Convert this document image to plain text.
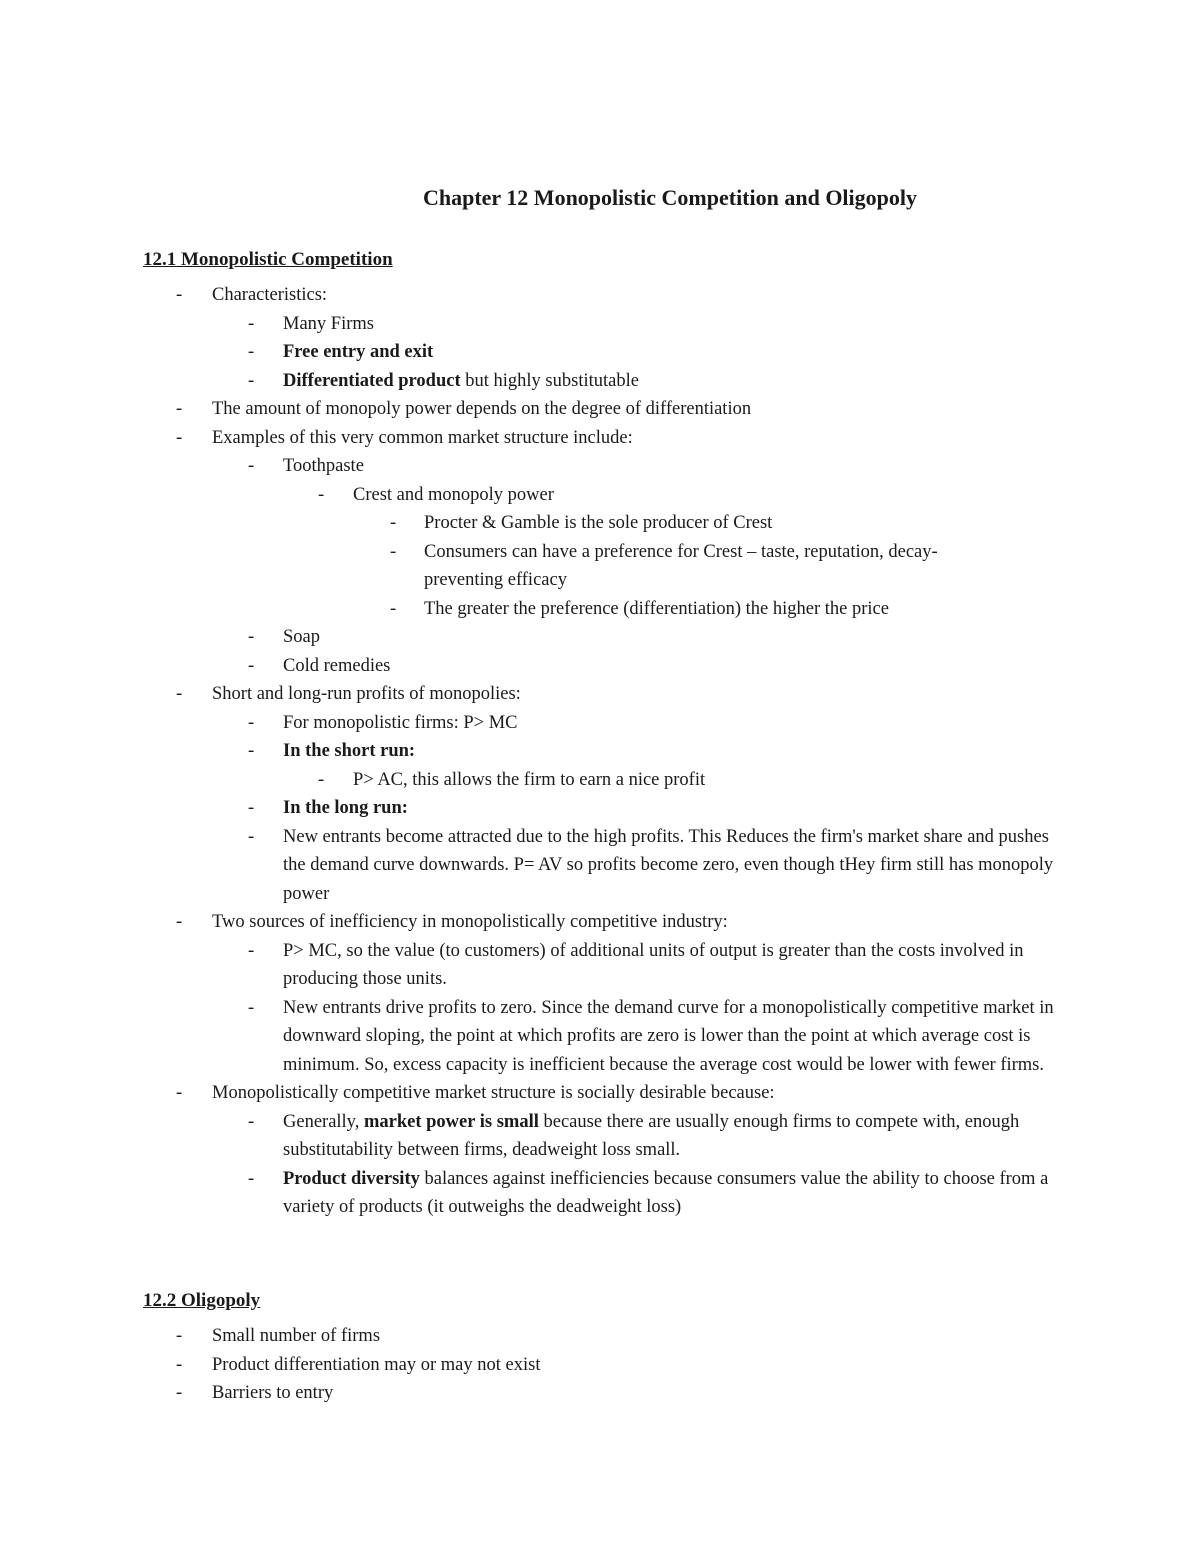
Chapter 12 Monopolistic Competition and Oligopoly
12.1 Monopolistic Competition
- Characteristics:
- Many Firms
- Free entry and exit
- Differentiated product but highly substitutable
- The amount of monopoly power depends on the degree of differentiation
- Examples of this very common market structure include:
- Toothpaste
- Crest and monopoly power
- Procter & Gamble is the sole producer of Crest
- Consumers can have a preference for Crest – taste, reputation, decay-preventing efficacy
- The greater the preference (differentiation) the higher the price
- Soap
- Cold remedies
- Short and long-run profits of monopolies:
- For monopolistic firms: P> MC
- In the short run:
- P> AC, this allows the firm to earn a nice profit
- In the long run:
- New entrants become attracted due to the high profits. This Reduces the firm's market share and pushes the demand curve downwards. P= AV so profits become zero, even though tHey firm still has monopoly power
- Two sources of inefficiency in monopolistically competitive industry:
- P> MC, so the value (to customers) of additional units of output is greater than the costs involved in producing those units.
- New entrants drive profits to zero. Since the demand curve for a monopolistically competitive market in downward sloping, the point at which profits are zero is lower than the point at which average cost is minimum. So, excess capacity is inefficient because the average cost would be lower with fewer firms.
- Monopolistically competitive market structure is socially desirable because:
- Generally, market power is small because there are usually enough firms to compete with, enough substitutability between firms, deadweight loss small.
- Product diversity balances against inefficiencies because consumers value the ability to choose from a variety of products (it outweighs the deadweight loss)
12.2 Oligopoly
- Small number of firms
- Product differentiation may or may not exist
- Barriers to entry
